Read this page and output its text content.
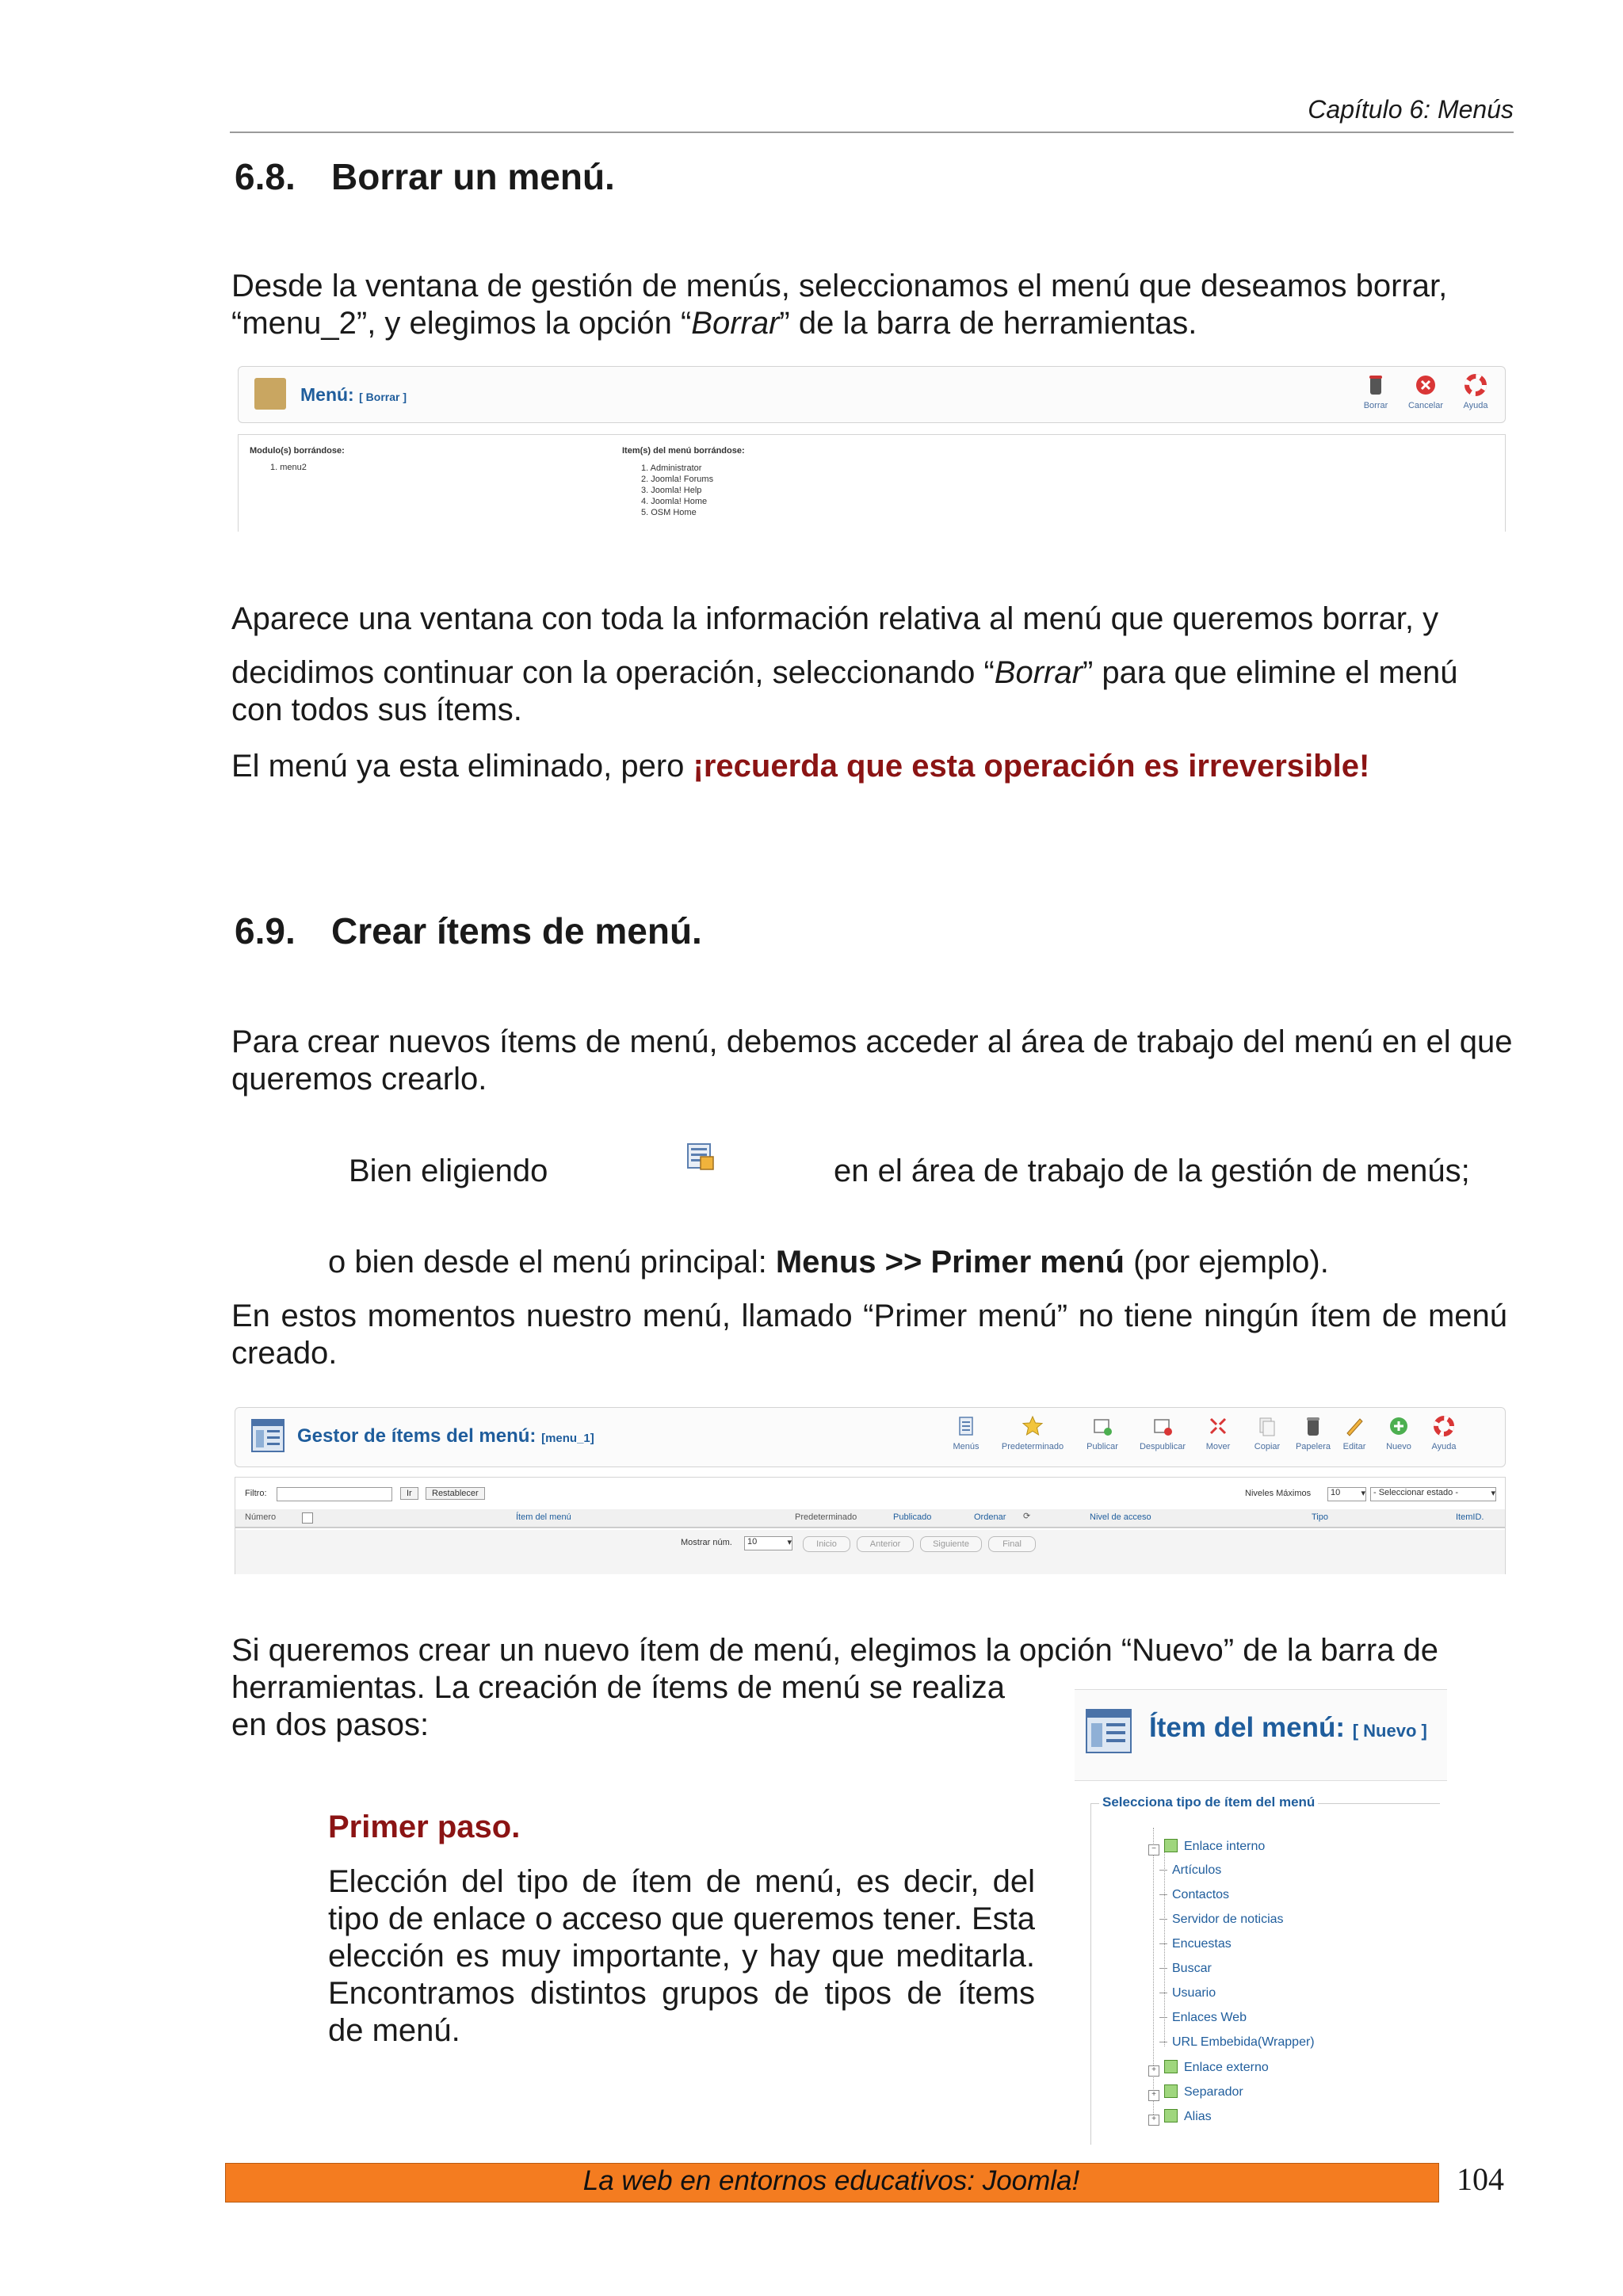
Capítulo 6: Menús
6.8. Borrar un menú.

Desde la ventana de gestión de menús, seleccionamos el menú que deseamos borrar, “menu_2”, y elegimos la opción “Borrar” de la barra de herramientas.

Menú: [ Borrar ]
Borrar	Cancelar	Ayuda
Modulo(s) borrándose:
1. menu2
Item(s) del menú borrándose:
1. Administrator
2. Joomla! Forums
3. Joomla! Help
4. Joomla! Home
5. OSM Home

Aparece una ventana con toda la información relativa al menú que queremos borrar, y

decidimos continuar con la operación, seleccionando “Borrar” para que elimine el menú con todos sus ítems.

El menú ya esta eliminado, pero ¡recuerda que esta operación es irreversible!

6.9. Crear ítems de menú.

Para crear nuevos ítems de menú, debemos acceder al área de trabajo del menú en el que queremos crearlo.

Bien eligiendo	en el área de trabajo de la gestión de menús;

o bien desde el menú principal: Menus >> Primer menú (por ejemplo).

En estos momentos nuestro menú, llamado “Primer menú” no tiene ningún ítem de menú creado.

Gestor de ítems del menú: [menu_1]
Menús	Predeterminado	Publicar	Despublicar	Mover	Copiar	Papelera	Editar	Nuevo	Ayuda
Filtro:	Ir	Restablecer	Niveles Máximos	10 ▾ - Seleccionar estado -	▾
Número	Ítem del menú	Predeterminado	Publicado	Ordenar ⟳	Nivel de acceso	Tipo	ItemID.
Mostrar núm.	10	▾	Inicio	Anterior	Siguiente	Final

Si queremos crear un nuevo ítem de menú, elegimos la opción “Nuevo” de la barra de

herramientas. La creación de ítems de menú se realiza en dos pasos:	Ítem del menú: [ Nuevo ]
Selecciona tipo de ítem del menú
− Enlace interno
Artículos
Contactos
Servidor de noticias
Encuestas
Buscar
Usuario
Enlaces Web
URL Embebida(Wrapper)
+ Enlace externo
+ Separador
+ Alias
Primer paso.

Elección del tipo de ítem de menú, es decir, del tipo de enlace o acceso que queremos tener. Esta elección es muy importante, y hay que meditarla. Encontramos distintos grupos de tipos de ítems de menú.

La web en entornos educativos: Joomla!	104
